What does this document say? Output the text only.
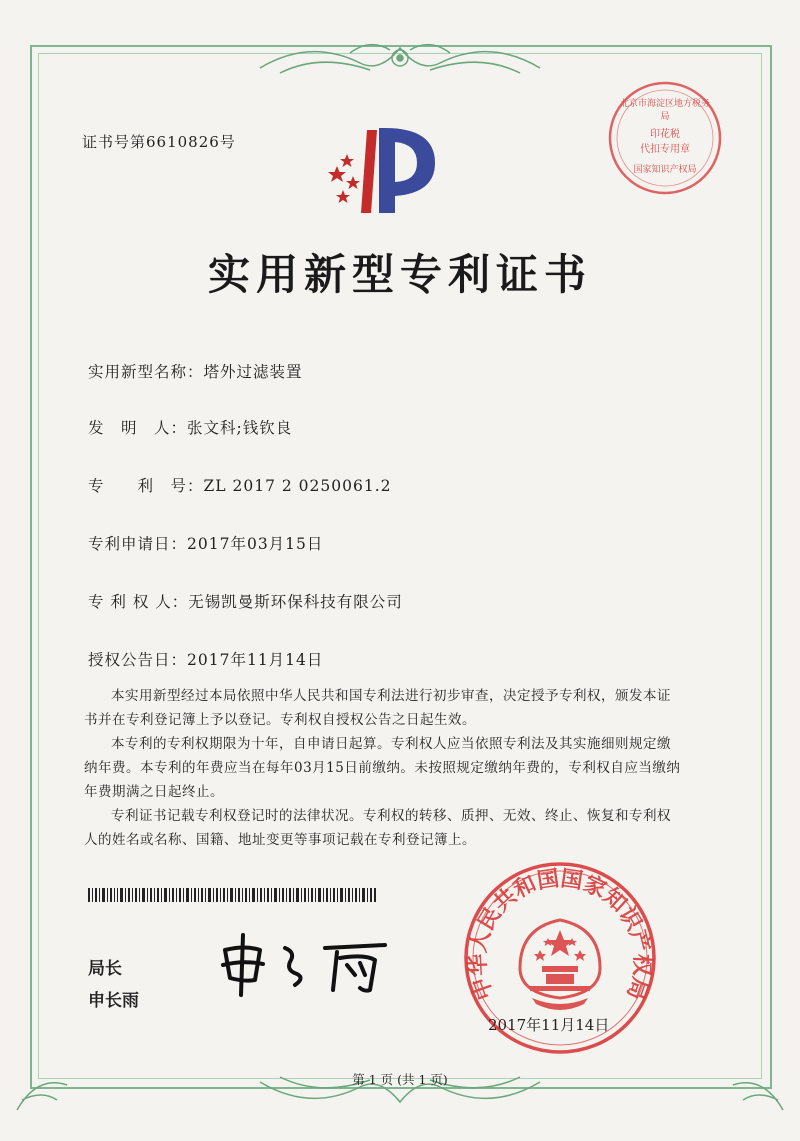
证书号第6610826号
北京市海淀区地方税务局
印花税
代扣专用章
国家知识产权局
实用新型专利证书
实用新型名称：塔外过滤装置
发　明　人：张文科;钱钦良
专　　利　号：ZL 2017 2 0250061.2
专利申请日：2017年03月15日
专 利 权 人：无锡凯曼斯环保科技有限公司
授权公告日：2017年11月14日

本实用新型经过本局依照中华人民共和国专利法进行初步审查，决定授予专利权，颁发本证书并在专利登记簿上予以登记。专利权自授权公告之日起生效。

本专利的专利权期限为十年，自申请日起算。专利权人应当依照专利法及其实施细则规定缴纳年费。本专利的年费应当在每年03月15日前缴纳。未按照规定缴纳年费的，专利权自应当缴纳年费期满之日起终止。

专利证书记载专利权登记时的法律状况。专利权的转移、质押、无效、终止、恢复和专利权人的姓名或名称、国籍、地址变更等事项记载在专利登记簿上。

局长
申长雨	中华人民共和国国家知识产权局
2017年11月14日
第 1 页 (共 1 页)
